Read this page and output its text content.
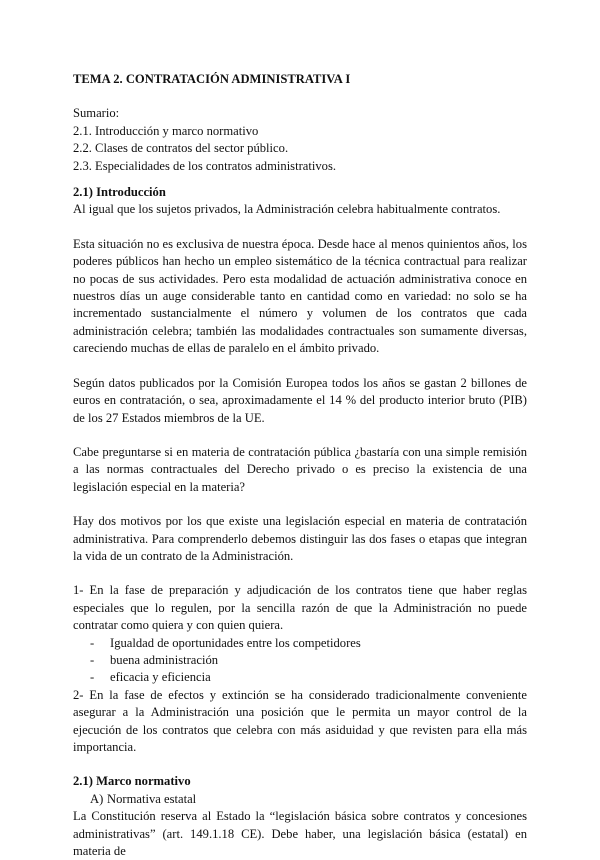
TEMA 2. CONTRATACIÓN ADMINISTRATIVA I

Sumario:

2.1. Introducción y marco normativo

2.2. Clases de contratos del sector público.

2.3. Especialidades de los contratos administrativos.

2.1) Introducción

Al igual que los sujetos privados, la Administración celebra habitualmente contratos.

Esta situación no es exclusiva de nuestra época. Desde hace al menos quinientos años, los poderes públicos han hecho un empleo sistemático de la técnica contractual para realizar no pocas de sus actividades. Pero esta modalidad de actuación administrativa conoce en nuestros días un auge considerable tanto en cantidad como en variedad: no solo se ha incrementado sustancialmente el número y volumen de los contratos que cada administración celebra; también las modalidades contractuales son sumamente diversas, careciendo muchas de ellas de paralelo en el ámbito privado.

Según datos publicados por la Comisión Europea todos los años se gastan 2 billones de euros en contratación, o sea, aproximadamente el 14 % del producto interior bruto (PIB) de los 27 Estados miembros de la UE.

Cabe preguntarse si en materia de contratación pública ¿bastaría con una simple remisión a las normas contractuales del Derecho privado o es preciso la existencia de una legislación especial en la materia?

Hay dos motivos por los que existe una legislación especial en materia de contratación administrativa. Para comprenderlo debemos distinguir las dos fases o etapas que integran la vida de un contrato de la Administración.

1- En la fase de preparación y adjudicación de los contratos tiene que haber reglas especiales que lo regulen, por la sencilla razón de que la Administración no puede contratar como quiera y con quien quiera.

- Igualdad de oportunidades entre los competidores
- buena administración
- eficacia y eficiencia

2- En la fase de efectos y extinción se ha considerado tradicionalmente conveniente asegurar a la Administración una posición que le permita un mayor control de la ejecución de los contratos que celebra con más asiduidad y que revisten para ella más importancia.

2.1) Marco normativo

A) Normativa estatal

La Constitución reserva al Estado la “legislación básica sobre contratos y concesiones administrativas” (art. 149.1.18 CE). Debe haber, una legislación básica (estatal) en materia de
